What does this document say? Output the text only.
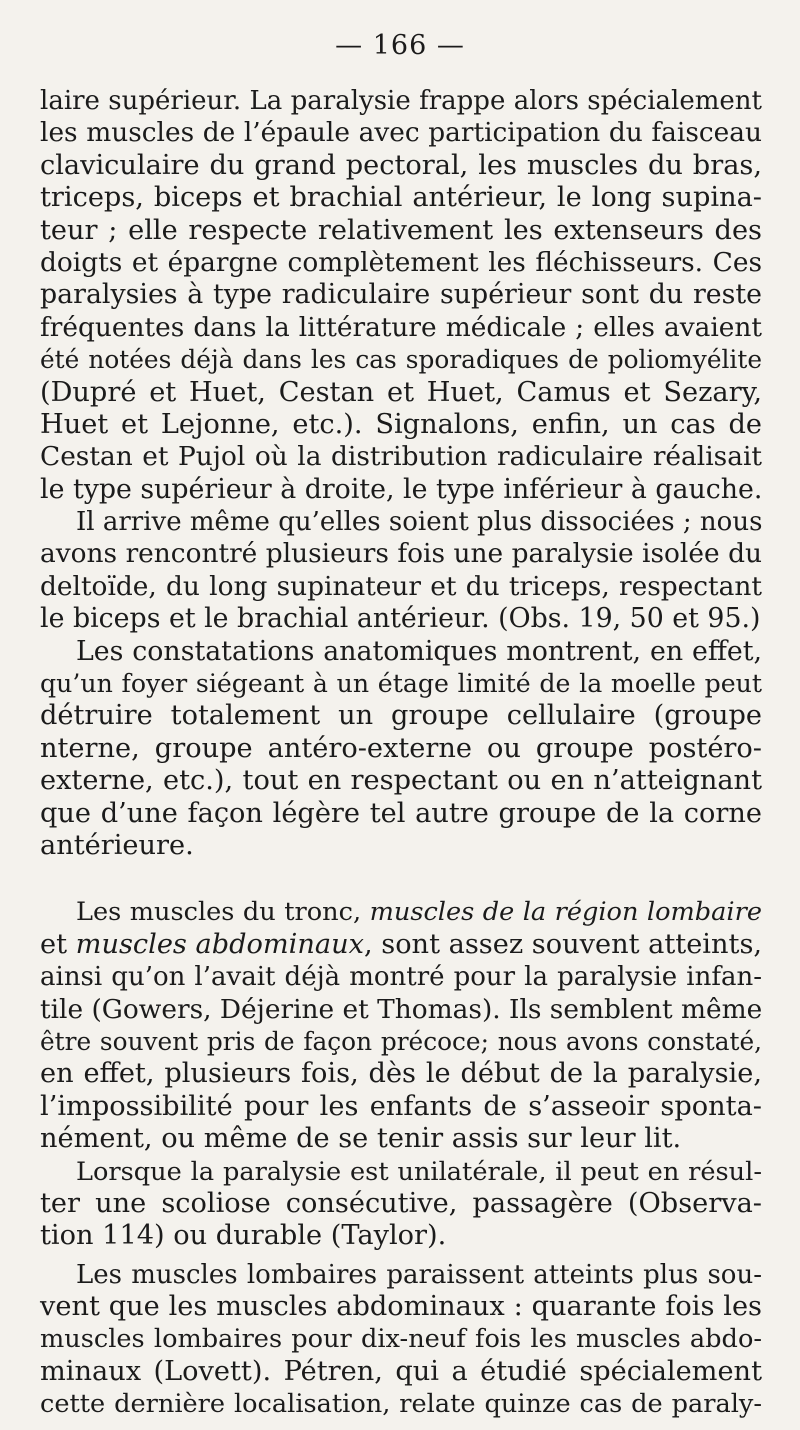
— 166 —
laire supérieur. La paralysie frappe alors spécialement
les muscles de l’épaule avec participation du faisceau
claviculaire du grand pectoral, les muscles du bras,
triceps, biceps et brachial antérieur, le long supina-
teur ; elle respecte relativement les extenseurs des
doigts et épargne complètement les fléchisseurs. Ces
paralysies à type radiculaire supérieur sont du reste
fréquentes dans la littérature médicale ; elles avaient
été notées déjà dans les cas sporadiques de poliomyélite
(Dupré et Huet, Cestan et Huet, Camus et Sezary,
Huet et Lejonne, etc.). Signalons, enfin, un cas de
Cestan et Pujol où la distribution radiculaire réalisait
le type supérieur à droite, le type inférieur à gauche.
Il arrive même qu’elles soient plus dissociées ; nous
avons rencontré plusieurs fois une paralysie isolée du
deltoïde, du long supinateur et du triceps, respectant
le biceps et le brachial antérieur. (Obs. 19, 50 et 95.)
Les constatations anatomiques montrent, en effet,
qu’un foyer siégeant à un étage limité de la moelle peut
détruire totalement un groupe cellulaire (groupe
nterne, groupe antéro-externe ou groupe postéro-
externe, etc.), tout en respectant ou en n’atteignant
que d’une façon légère tel autre groupe de la corne
antérieure.
Les muscles du tronc, muscles de la région lombaire
et muscles abdominaux, sont assez souvent atteints,
ainsi qu’on l’avait déjà montré pour la paralysie infan-
tile (Gowers, Déjerine et Thomas). Ils semblent même
être souvent pris de façon précoce; nous avons constaté,
en effet, plusieurs fois, dès le début de la paralysie,
l’impossibilité pour les enfants de s’asseoir sponta-
nément, ou même de se tenir assis sur leur lit.
Lorsque la paralysie est unilatérale, il peut en résul-
ter une scoliose consécutive, passagère (Observa-
tion 114) ou durable (Taylor).
Les muscles lombaires paraissent atteints plus sou-
vent que les muscles abdominaux : quarante fois les
muscles lombaires pour dix-neuf fois les muscles abdo-
minaux (Lovett). Pétren, qui a étudié spécialement
cette dernière localisation, relate quinze cas de paraly-
